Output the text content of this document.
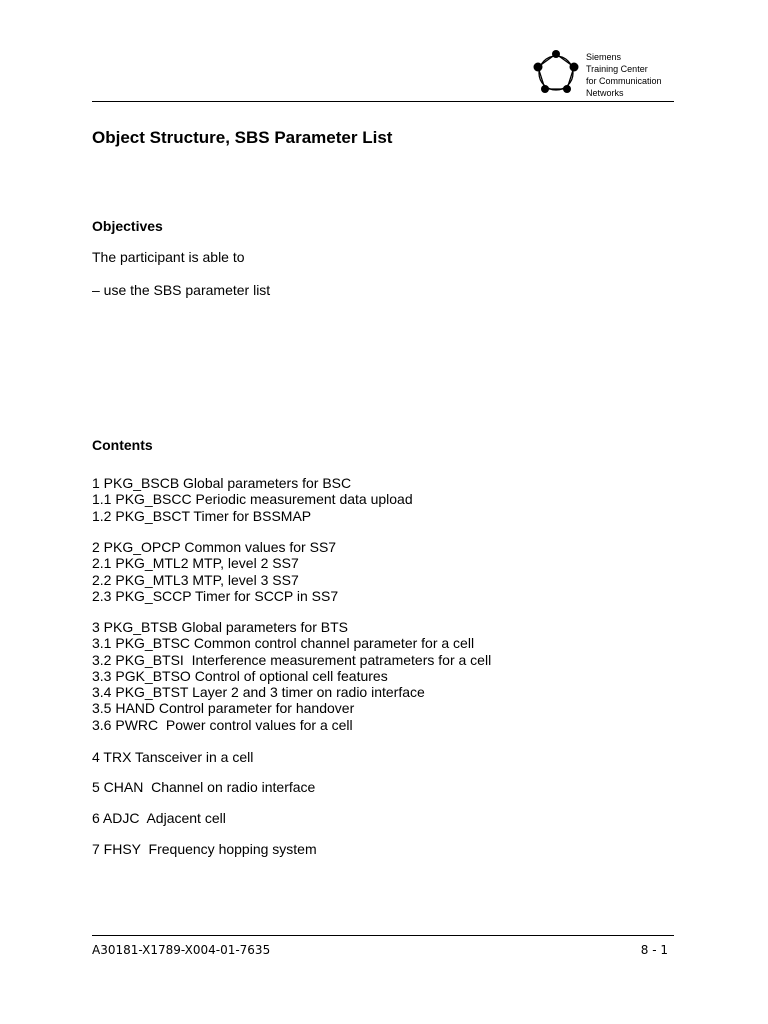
Siemens
Training Center
for Communication
Networks
Object Structure, SBS Parameter List
Objectives
The participant is able to
– use the SBS parameter list
Contents
1 PKG_BSCB Global parameters for BSC
1.1 PKG_BSCC Periodic measurement data upload
1.2 PKG_BSCT Timer for BSSMAP
2 PKG_OPCP Common values for SS7
2.1 PKG_MTL2 MTP, level 2 SS7
2.2 PKG_MTL3 MTP, level 3 SS7
2.3 PKG_SCCP Timer for SCCP in SS7
3 PKG_BTSB Global parameters for BTS
3.1 PKG_BTSC Common control channel parameter for a cell
3.2 PKG_BTSI  Interference measurement patrameters for a cell
3.3 PGK_BTSO Control of optional cell features
3.4 PKG_BTST Layer 2 and 3 timer on radio interface
3.5 HAND Control parameter for handover
3.6 PWRC  Power control values for a cell
4 TRX Tansceiver in a cell
5 CHAN  Channel on radio interface
6 ADJC  Adjacent cell
7 FHSY  Frequency hopping system
A30181-X1789-X004-01-7635	8 - 1
